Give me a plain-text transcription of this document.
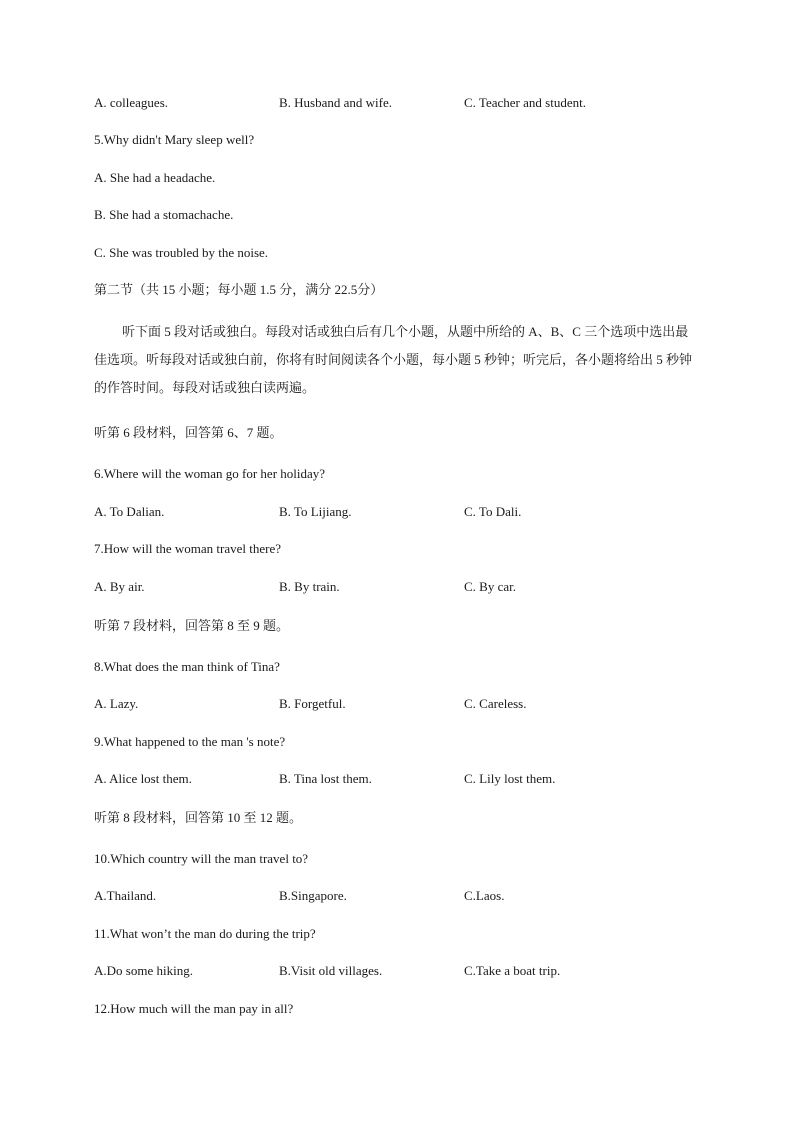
A. colleagues.	B. Husband and wife.	C. Teacher and student.
5.Why didn't Mary sleep well?
A. She had a headache.
B. She had a stomachache.
C. She was troubled by the noise.
第二节（共 15 小题；每小题 1.5 分，满分 22.5分）
听下面 5 段对话或独白。每段对话或独白后有几个小题，从题中所给的 A、B、C 三个选项中选出最佳选项。听每段对话或独白前，你将有时间阅读各个小题，每小题 5 秒钟；听完后，各小题将给出 5 秒钟的作答时间。每段对话或独白读两遍。
听第 6 段材料，回答第 6、7 题。
6.Where will the woman go for her holiday?
A. To Dalian.	B. To Lijiang.	C. To Dali.
7.How will the woman travel there?
A. By air.	B. By train.	C. By car.
听第 7 段材料，回答第 8 至 9 题。
8.What does the man think of Tina?
A. Lazy.	B. Forgetful.	C. Careless.
9.What happened to the man 's note?
A. Alice lost them.	B. Tina lost them.	C. Lily lost them.
听第 8 段材料，回答第 10 至 12 题。
10.Which country will the man travel to?
A.Thailand.	B.Singapore.	C.Laos.
11.What won’t the man do during the trip?
A.Do some hiking.	B.Visit old villages.	C.Take a boat trip.
12.How much will the man pay in all?
